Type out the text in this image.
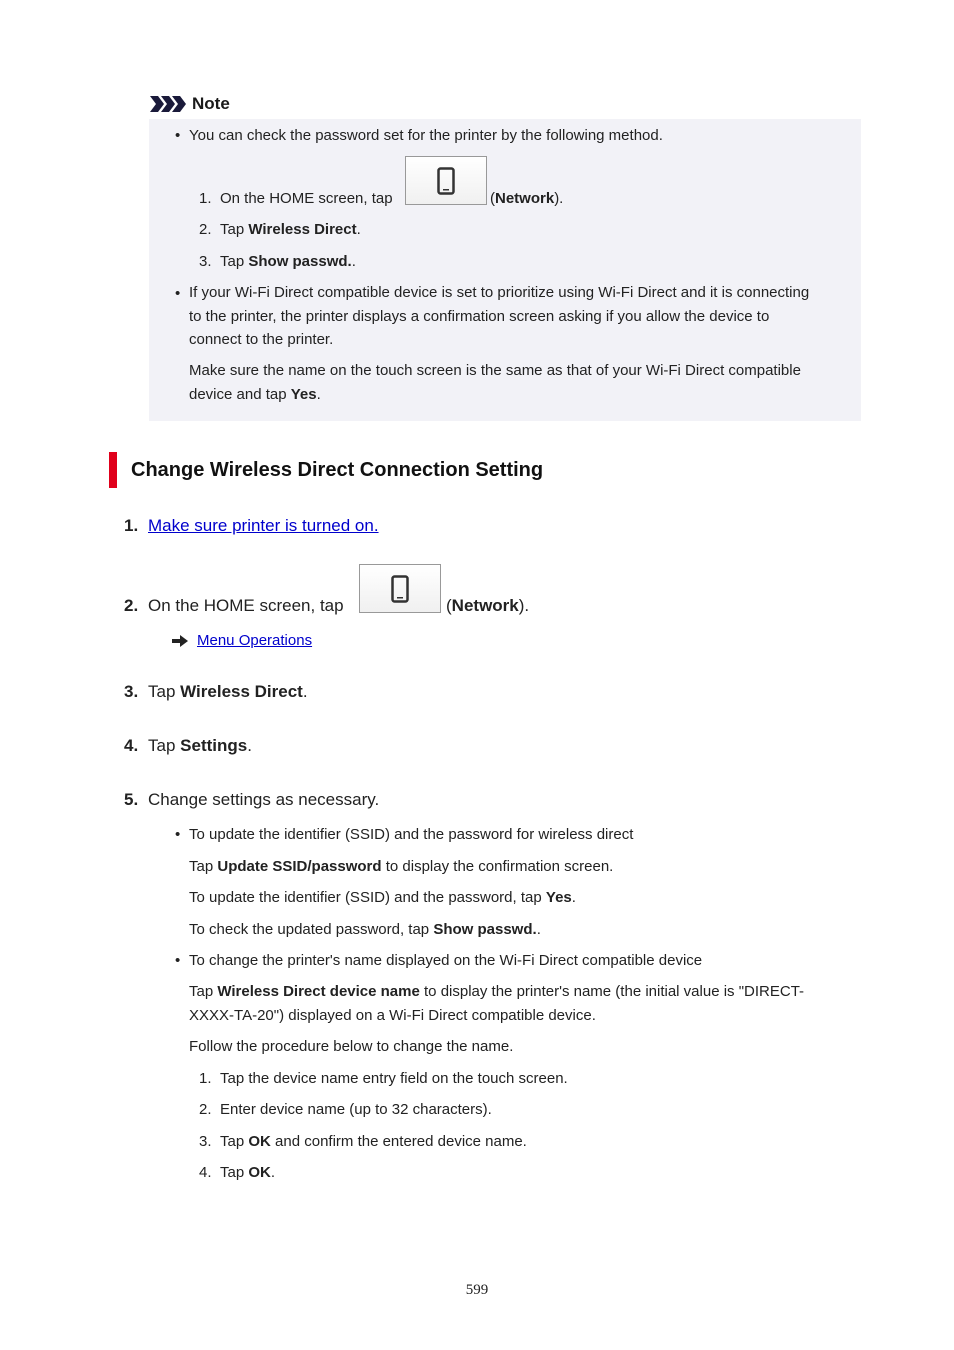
Note
• You can check the password set for the printer by the following method.
1. On the HOME screen, tap	(Network).
2. Tap Wireless Direct.
3. Tap Show passwd..
• If your Wi-Fi Direct compatible device is set to prioritize using Wi-Fi Direct and it is connecting
to the printer, the printer displays a confirmation screen asking if you allow the device to
connect to the printer.
Make sure the name on the touch screen is the same as that of your Wi-Fi Direct compatible
device and tap Yes.
Change Wireless Direct Connection Setting
1. Make sure printer is turned on.
2. On the HOME screen, tap	(Network).
Menu Operations
3. Tap Wireless Direct.
4. Tap Settings.
5. Change settings as necessary.
• To update the identifier (SSID) and the password for wireless direct
Tap Update SSID/password to display the confirmation screen.
To update the identifier (SSID) and the password, tap Yes.
To check the updated password, tap Show passwd..
• To change the printer's name displayed on the Wi-Fi Direct compatible device
Tap Wireless Direct device name to display the printer's name (the initial value is "DIRECT-
XXXX-TA-20") displayed on a Wi-Fi Direct compatible device.
Follow the procedure below to change the name.
1. Tap the device name entry field on the touch screen.
2. Enter device name (up to 32 characters).
3. Tap OK and confirm the entered device name.
4. Tap OK.
599
